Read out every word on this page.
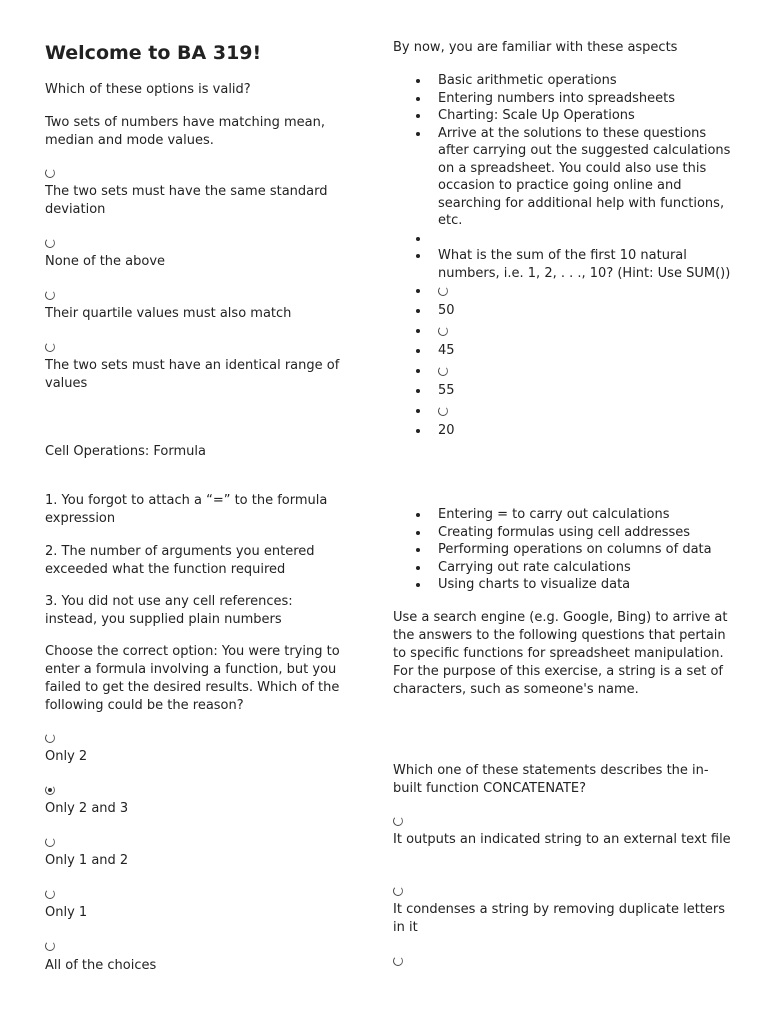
Welcome to BA 319!

Which of these options is valid?

Two sets of numbers have matching mean, median and mode values.

The two sets must have the same standard deviation

None of the above

Their quartile values must also match

The two sets must have an identical range of values

Cell Operations: Formula

1. You forgot to attach a “=” to the formula expression

2. The number of arguments you entered exceeded what the function required

3. You did not use any cell references: instead, you supplied plain numbers

Choose the correct option: You were trying to enter a formula involving a function, but you failed to get the desired results. Which of the following could be the reason?

Only 2

Only 2 and 3

Only 1 and 2

Only 1

All of the choices

By now, you are familiar with these aspects

Basic arithmetic operations
Entering numbers into spreadsheets
Charting: Scale Up Operations
Arrive at the solutions to these questions after carrying out the suggested calculations on a spreadsheet. You could also use this occasion to practice going online and searching for additional help with functions, etc.
What is the sum of the first 10 natural numbers, i.e. 1, 2, . . ., 10? (Hint: Use SUM())
50
45
55
20
Entering = to carry out calculations
Creating formulas using cell addresses
Performing operations on columns of data
Carrying out rate calculations
Using charts to visualize data

Use a search engine (e.g. Google, Bing) to arrive at the answers to the following questions that pertain to specific functions for spreadsheet manipulation. For the purpose of this exercise, a string is a set of characters, such as someone's name.

Which one of these statements describes the in-built function CONCATENATE?

It outputs an indicated string to an external text file

It condenses a string by removing duplicate letters in it
